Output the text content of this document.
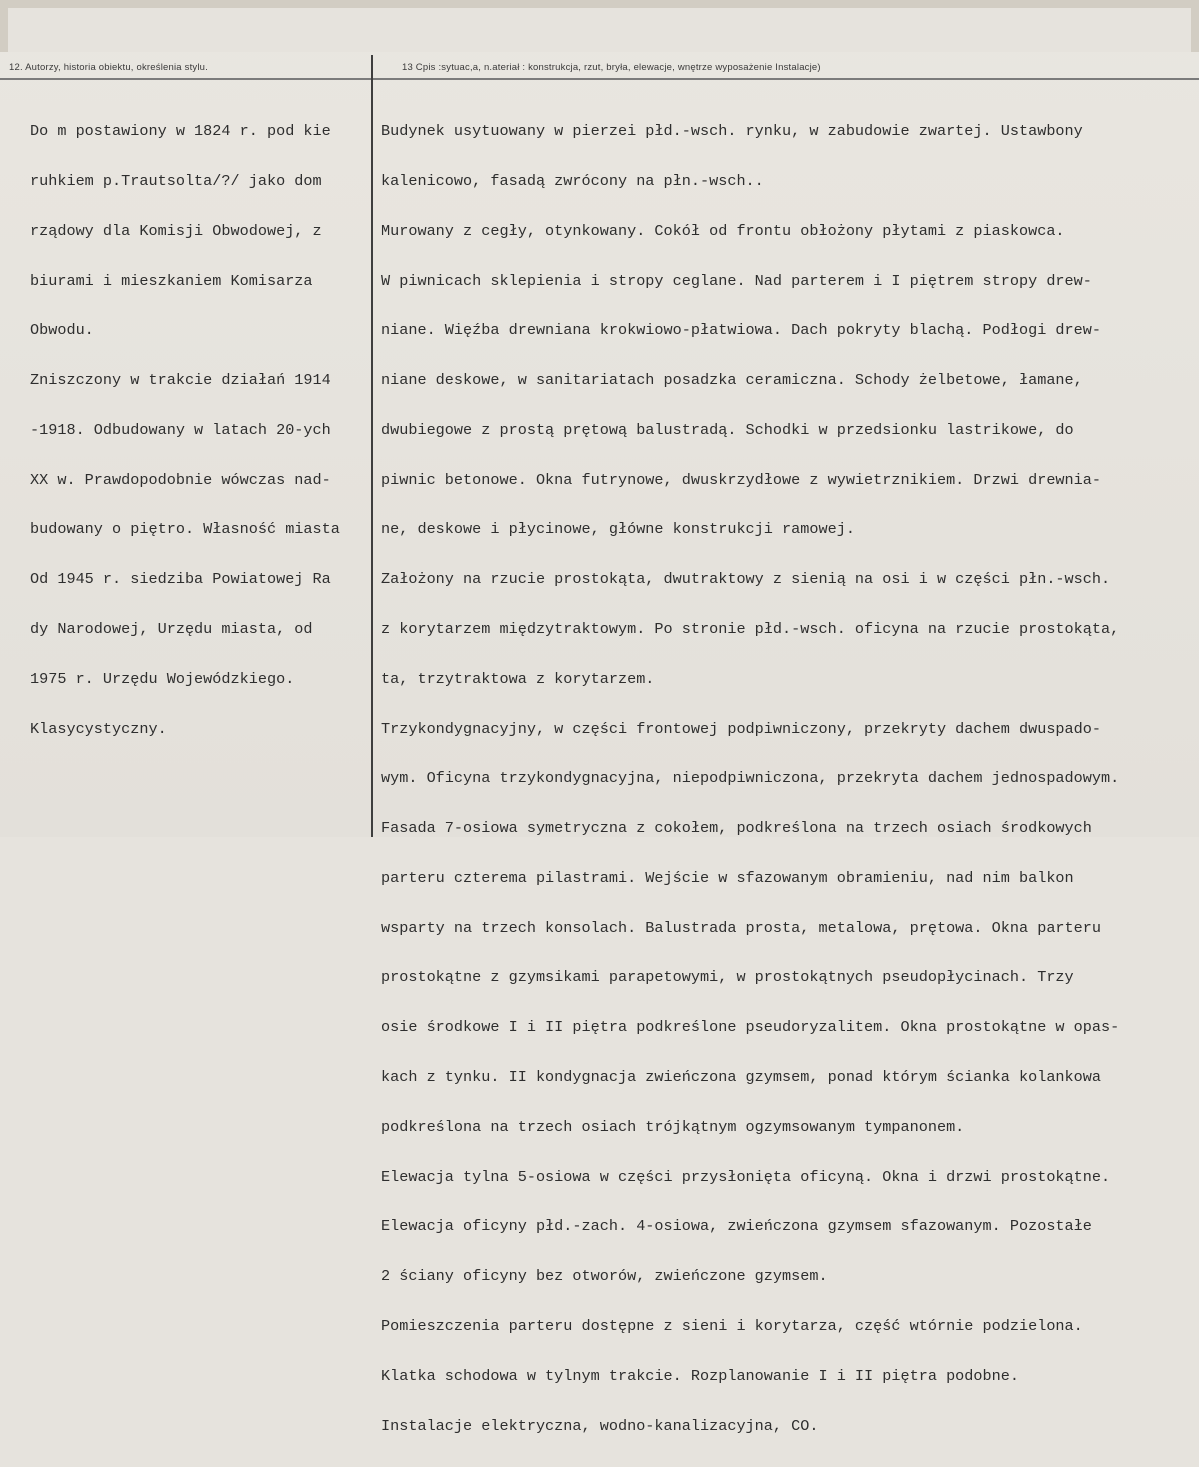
12. Autorzy, historia obiektu, określenia stylu.	13 Cpis :sytuac,a, n.ateriał : konstrukcja, rzut, bryła, elewacje, wnętrze wyposażenie Instalacje)

Do m postawiony w 1824 r. pod kie

ruhkiem p.Trautsolta/?/ jako dom

rządowy dla Komisji Obwodowej, z

biurami i mieszkaniem Komisarza

Obwodu.

Zniszczony w trakcie działań 1914

-1918. Odbudowany w latach 20-ych

XX w. Prawdopodobnie wówczas nad-

budowany o piętro. Własność miasta

Od 1945 r. siedziba Powiatowej Ra

dy Narodowej, Urzędu miasta, od

1975 r. Urzędu Wojewódzkiego.

Klasycystyczny.

Budynek usytuowany w pierzei płd.-wsch. rynku, w zabudowie zwartej. Ustawbony

kalenicowo, fasadą zwrócony na płn.-wsch..

Murowany z cegły, otynkowany. Cokół od frontu obłożony płytami z piaskowca.

W piwnicach sklepienia i stropy ceglane. Nad parterem i I piętrem stropy drew-

niane. Więźba drewniana krokwiowo-płatwiowa. Dach pokryty blachą. Podłogi drew-

niane deskowe, w sanitariatach posadzka ceramiczna. Schody żelbetowe, łamane,

dwubiegowe z prostą prętową balustradą. Schodki w przedsionku lastrikowe, do

piwnic betonowe. Okna futrynowe, dwuskrzydłowe z wywietrznikiem. Drzwi drewnia-

ne, deskowe i płycinowe, główne konstrukcji ramowej.

Założony na rzucie prostokąta, dwutraktowy z sienią na osi i w części płn.-wsch.

z korytarzem międzytraktowym. Po stronie płd.-wsch. oficyna na rzucie prostokąta,

ta, trzytraktowa z korytarzem.

Trzykondygnacyjny, w części frontowej podpiwniczony, przekryty dachem dwuspado-

wym. Oficyna trzykondygnacyjna, niepodpiwniczona, przekryta dachem jednospadowym.

Fasada 7-osiowa symetryczna z cokołem, podkreślona na trzech osiach środkowych

parteru czterema pilastrami. Wejście w sfazowanym obramieniu, nad nim balkon

wsparty na trzech konsolach. Balustrada prosta, metalowa, prętowa. Okna parteru

prostokątne z gzymsikami parapetowymi, w prostokątnych pseudopłycinach. Trzy

osie środkowe I i II piętra podkreślone pseudoryzalitem. Okna prostokątne w opas-

kach z tynku. II kondygnacja zwieńczona gzymsem, ponad którym ścianka kolankowa

podkreślona na trzech osiach trójkątnym ogzymsowanym tympanonem.

Elewacja tylna 5-osiowa w części przysłonięta oficyną. Okna i drzwi prostokątne.

Elewacja oficyny płd.-zach. 4-osiowa, zwieńczona gzymsem sfazowanym. Pozostałe

2 ściany oficyny bez otworów, zwieńczone gzymsem.

Pomieszczenia parteru dostępne z sieni i korytarza, część wtórnie podzielona.

Klatka schodowa w tylnym trakcie. Rozplanowanie I i II piętra podobne.

Instalacje elektryczna, wodno-kanalizacyjna, CO.
